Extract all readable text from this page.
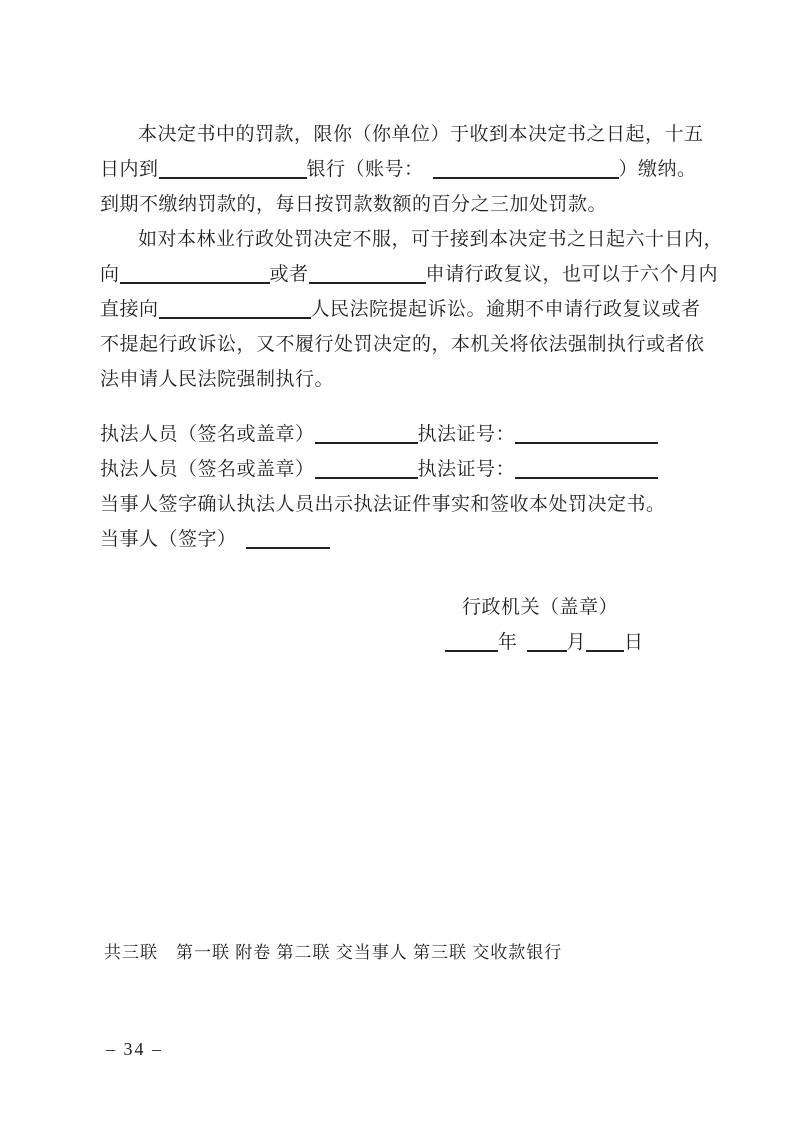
本决定书中的罚款，限你（你单位）于收到本决定书之日起，十五
日内到	银行（账号：	）缴纳。
到期不缴纳罚款的，每日按罚款数额的百分之三加处罚款。
如对本林业行政处罚决定不服，可于接到本决定书之日起六十日内，
向	或者	申请行政复议，也可以于六个月内
直接向	人民法院提起诉讼。逾期不申请行政复议或者
不提起行政诉讼，又不履行处罚决定的，本机关将依法强制执行或者依
法申请人民法院强制执行。
执法人员（签名或盖章）	执法证号：
执法人员（签名或盖章）	执法证号：
当事人签字确认执法人员出示执法证件事实和签收本处罚决定书。
当事人（签字）
行政机关（盖章）
年	月 日
共三联　第一联 附卷 第二联 交当事人 第三联 交收款银行
– 34 –
